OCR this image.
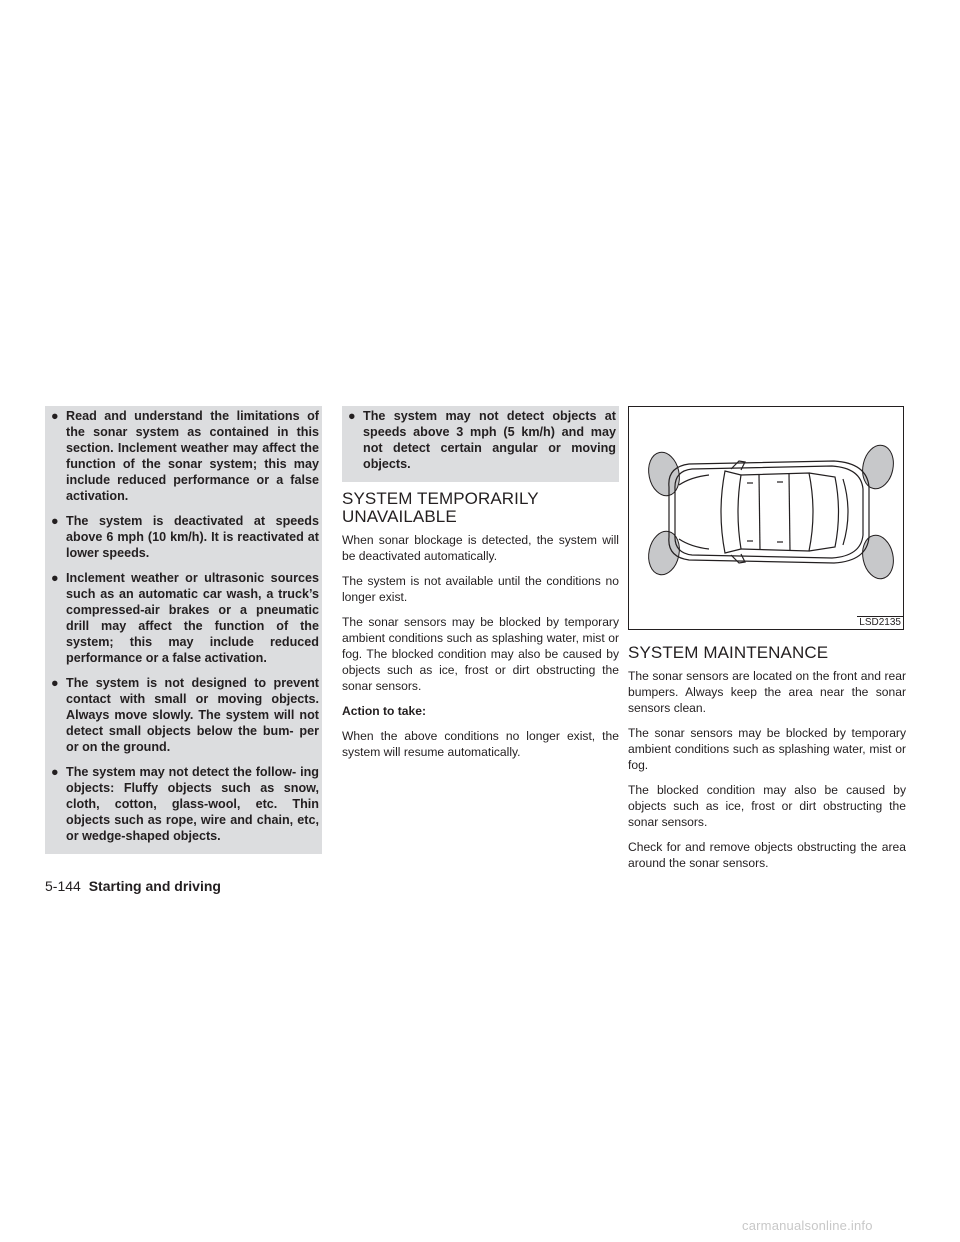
● Read and understand the limitations of the sonar system as contained in this section. Inclement weather may affect the function of the sonar system; this may include reduced performance or a false activation.
● The system is deactivated at speeds above 6 mph (10 km/h). It is reactivated at lower speeds.
● Inclement weather or ultrasonic sources such as an automatic car wash, a truck’s compressed-air brakes or a pneumatic drill may affect the function of the system; this may include reduced performance or a false activation.
● The system is not designed to prevent contact with small or moving objects. Always move slowly. The system will not detect small objects below the bum- per or on the ground.
● The system may not detect the follow- ing objects: Fluffy objects such as snow, cloth, cotton, glass-wool, etc. Thin objects such as rope, wire and chain, etc, or wedge-shaped objects.
● The system may not detect objects at speeds above 3 mph (5 km/h) and may not detect certain angular or moving objects.
SYSTEM TEMPORARILY
UNAVAILABLE

When sonar blockage is detected, the system will be deactivated automatically.

The system is not available until the conditions no longer exist.

The sonar sensors may be blocked by temporary ambient conditions such as splashing water, mist or fog. The blocked condition may also be caused by objects such as ice, frost or dirt obstructing the sonar sensors.

Action to take:

When the above conditions no longer exist, the system will resume automatically.

LSD2135
SYSTEM MAINTENANCE

The sonar sensors are located on the front and rear bumpers. Always keep the area near the sonar sensors clean.

The sonar sensors may be blocked by temporary ambient conditions such as splashing water, mist or fog.

The blocked condition may also be caused by objects such as ice, frost or dirt obstructing the sonar sensors.

Check for and remove objects obstructing the area around the sonar sensors.

5-144 Starting and driving
carmanualsonline.info
